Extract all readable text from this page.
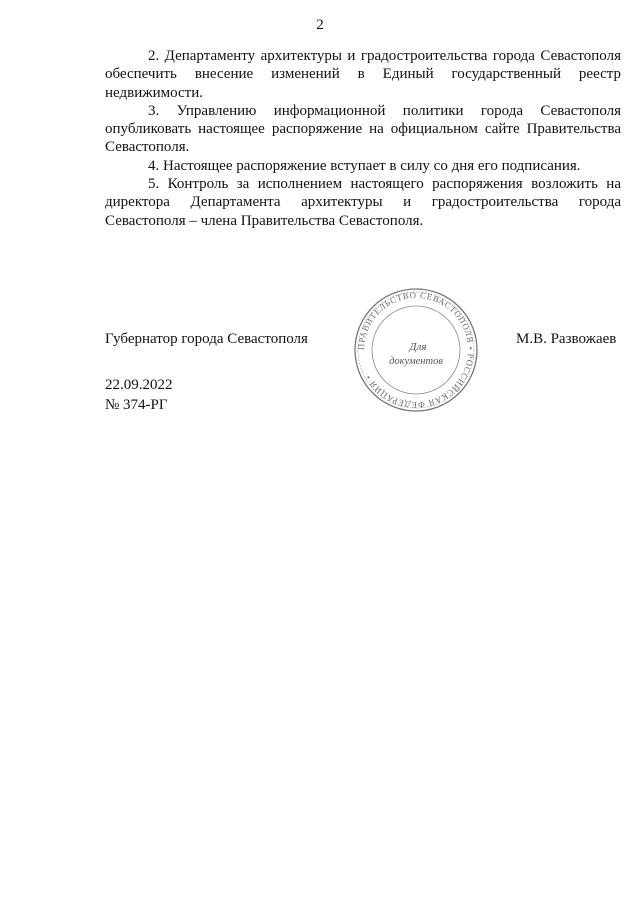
2

2. Департаменту архитектуры и градостроительства города Севастополя обеспечить внесение изменений в Единый государственный реестр недвижимости.

3. Управлению информационной политики города Севастополя опубликовать настоящее распоряжение на официальном сайте Правительства Севастополя.

4. Настоящее распоряжение вступает в силу со дня его подписания.

5. Контроль за исполнением настоящего распоряжения возложить на директора Департамента архитектуры и градостроительства города Севастополя – члена Правительства Севастополя.

Губернатор города Севастополя	М.В. Развожаев
ПРАВИТЕЛЬСТВО СЕВАСТОПОЛЯ • РОССИЙСКАЯ ФЕДЕРАЦИЯ •
Для
документов
22.09.2022
№ 374-РГ
